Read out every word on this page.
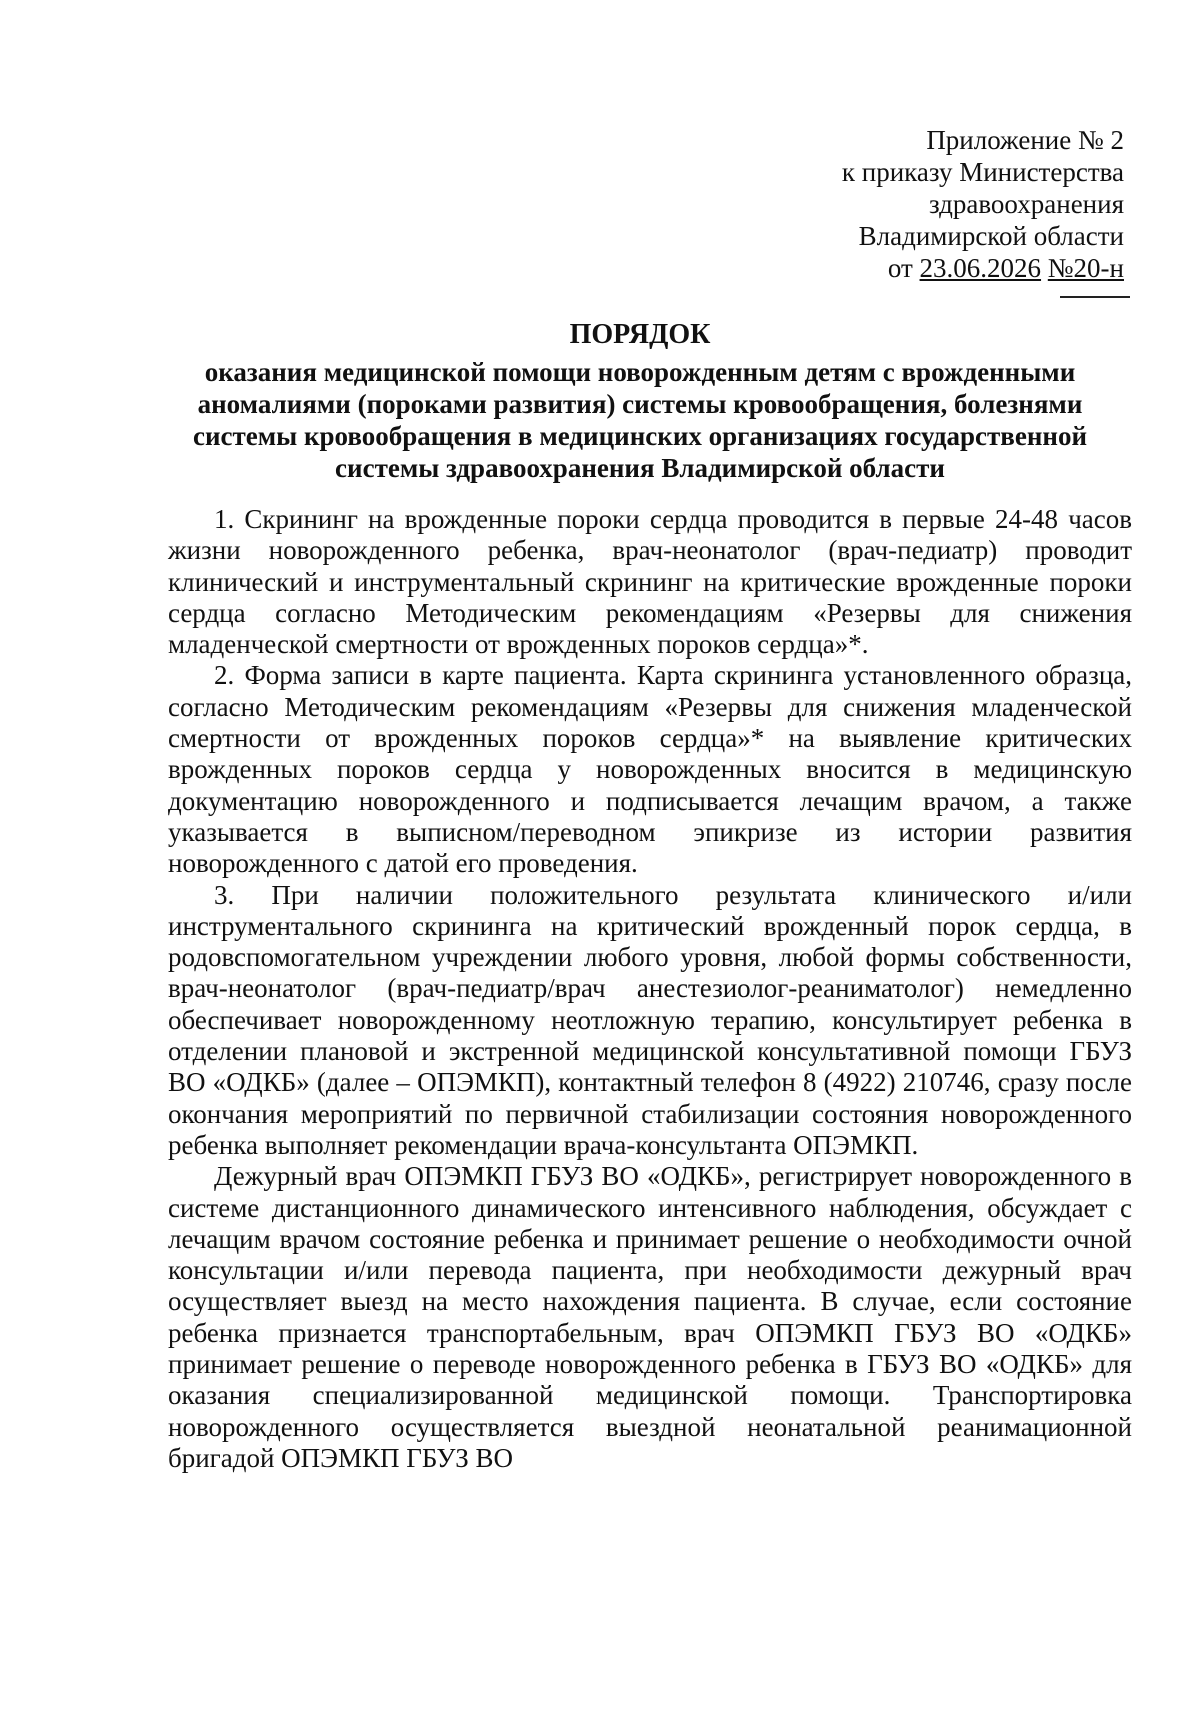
Приложение № 2
к приказу Министерства
здравоохранения
Владимирской области
от 23.06.2026 №20-н
ПОРЯДОК
оказания медицинской помощи новорожденным детям с врожденными
аномалиями (пороками развития) системы кровообращения, болезнями
системы кровообращения в медицинских организациях государственной
системы здравоохранения Владимирской области

1. Скрининг на врожденные пороки сердца проводится в первые 24-48 часов жизни новорожденного ребенка, врач-неонатолог (врач-педиатр) проводит клинический и инструментальный скрининг на критические врожденные пороки сердца согласно Методическим рекомендациям «Резервы для снижения младенческой смертности от врожденных пороков сердца»*.

2. Форма записи в карте пациента. Карта скрининга установленного образца, согласно Методическим рекомендациям «Резервы для снижения младенческой смертности от врожденных пороков сердца»* на выявление критических врожденных пороков сердца у новорожденных вносится в медицинскую документацию новорожденного и подписывается лечащим врачом, а также указывается в выписном/переводном эпикризе из истории развития новорожденного с датой его проведения.

3. При наличии положительного результата клинического и/или инструментального скрининга на критический врожденный порок сердца, в родовспомогательном учреждении любого уровня, любой формы собственности, врач-неонатолог (врач-педиатр/врач анестезиолог-реаниматолог) немедленно обеспечивает новорожденному неотложную терапию, консультирует ребенка в отделении плановой и экстренной медицинской консультативной помощи ГБУЗ ВО «ОДКБ» (далее – ОПЭМКП), контактный телефон 8 (4922) 210746, сразу после окончания мероприятий по первичной стабилизации состояния новорожденного ребенка выполняет рекомендации врача-консультанта ОПЭМКП.

Дежурный врач ОПЭМКП ГБУЗ ВО «ОДКБ», регистрирует новорожденного в системе дистанционного динамического интенсивного наблюдения, обсуждает с лечащим врачом состояние ребенка и принимает решение о необходимости очной консультации и/или перевода пациента, при необходимости дежурный врач осуществляет выезд на место нахождения пациента. В случае, если состояние ребенка признается транспортабельным, врач ОПЭМКП ГБУЗ ВО «ОДКБ» принимает решение о переводе новорожденного ребенка в ГБУЗ ВО «ОДКБ» для оказания специализированной медицинской помощи. Транспортировка новорожденного осуществляется выездной неонатальной реанимационной бригадой ОПЭМКП ГБУЗ ВО
